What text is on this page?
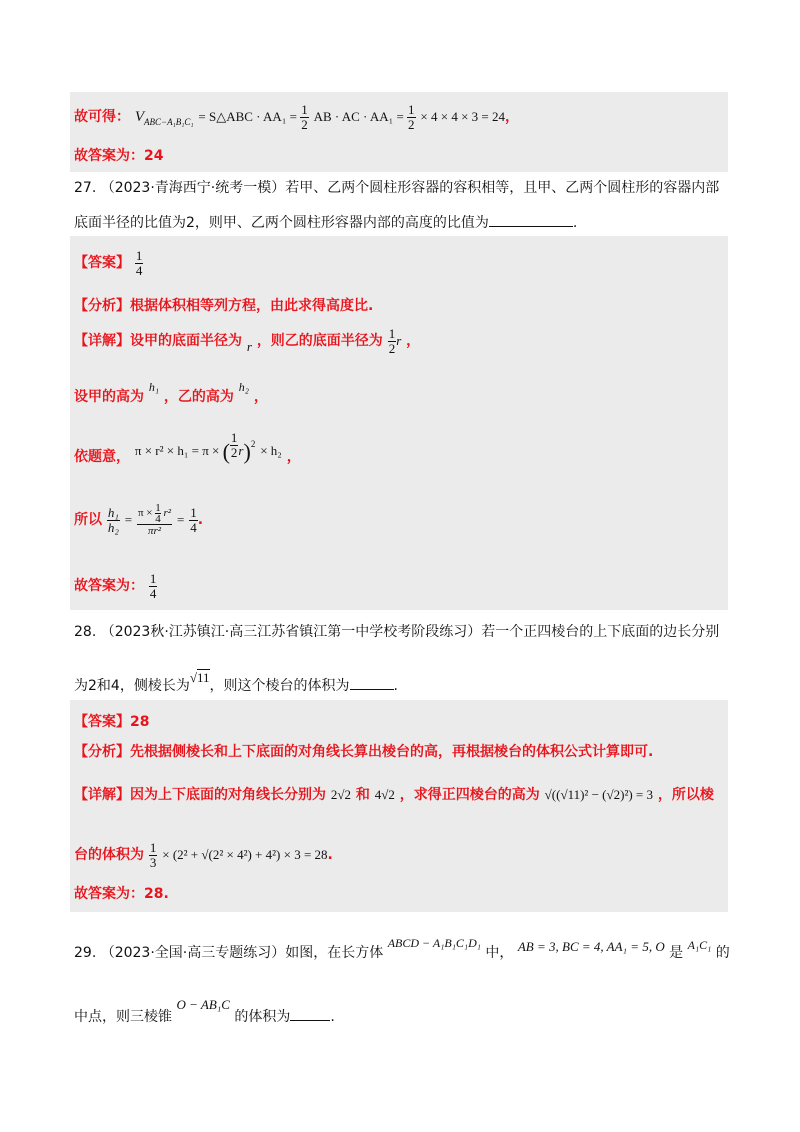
故可得： $V_{ABC-A_1B_1C_1}$ = S△ABC · $AA_1 = \frac{1}{2}$ AB · AC · $AA_1 = \frac{1}{2} \times 4 \times 4 \times 3 = 24$，
故答案为：24
27. （2023·青海西宁·统考一模）若甲、乙两个圆柱形容器的容积相等，且甲、乙两个圆柱形的容器内部
底面半径的比值为2，则甲、乙两个圆柱形容器内部的高度的比值为	.
【答案】 $\frac{1}{4}$
【分析】根据体积相等列方程，由此求得高度比.
【详解】设甲的底面半径为 r ，则乙的底面半径为 $\frac{1}{2}$ r ，
设甲的高为 h₁ ，乙的高为 h₂ ，
依题意， π × r² × h₁ = π × ( $\frac{1}{2} r)^2 \times h_2$ ，
所以 $\frac{\text{h₁}}{\text{h₂}} = \frac{\pi \times \frac{1}{4} r^2}{\text{πr²}} = \frac{1}{4}$ .
故答案为： $\frac{1}{4}$
28. （2023秋·江苏镇江·高三江苏省镇江第一中学校考阶段练习）若一个正四棱台的上下底面的边长分别
为2和4，侧棱长为√11，则这个棱台的体积为	.
【答案】28
【分析】先根据侧棱长和上下底面的对角线长算出棱台的高，再根据棱台的体积公式计算即可.
【详解】因为上下底面的对角线长分别为 2√2 和 4√2 ，求得正四棱台的高为 √((√11)² − (√2)²) = 3 ，所以棱
台的体积为 $\frac{1}{3} \times (2^2 + √(2^2 \times 4^2) + 4^2) \times 3 = 28$.
故答案为：28.
29. （2023·全国·高三专题练习）如图，在长方体 ABCD − A₁B₁C₁D₁ 中， AB = 3, BC = 4, AA₁ = 5, O 是 A₁C₁ 的
中点，则三棱锥 O − AB₁C 的体积为	.
